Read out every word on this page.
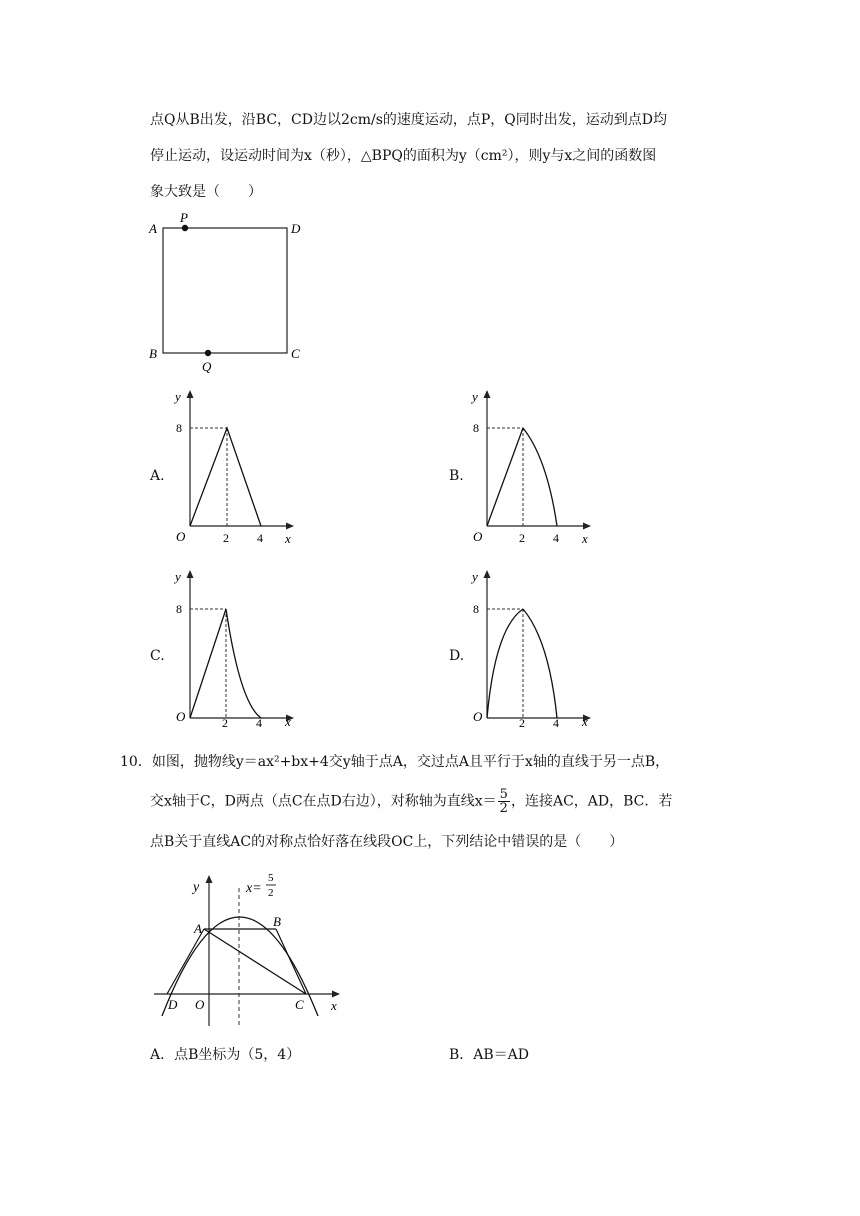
点Q从B出发，沿BC，CD边以2cm/s的速度运动，点P，Q同时出发，运动到点D均
停止运动，设运动时间为x（秒），△BPQ的面积为y（cm²），则y与x之间的函数图
象大致是（　　）
A
P
D
B
Q
C
A.	B.
C.	D.
y
8
O	2 4 x
y
8
O	2 4 x
y
8
O	2 4 x
y
8
O	2 4 x
10．如图，抛物线y＝ax²+bx+4交y轴于点A，交过点A且平行于x轴的直线于另一点B，
交x轴于C，D两点（点C在点D右边），对称轴为直线$x= \frac{5}{2}$ ，连接AC，AD，BC．若
点B关于直线AC的对称点恰好落在线段OC上，下列结论中错误的是（　　）
y	x=
5
2
A	B
D O	C x
A．点B坐标为（5，4）	B．AB＝AD
